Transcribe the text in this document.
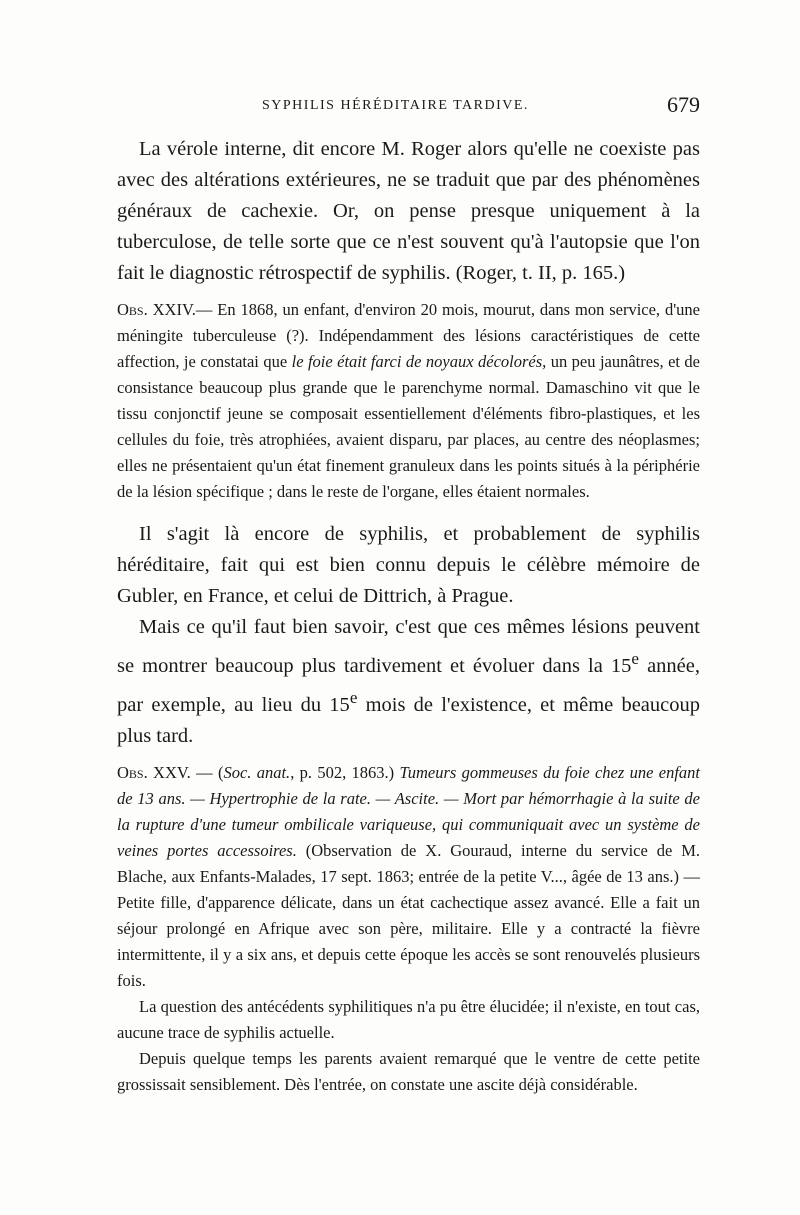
SYPHILIS HÉRÉDITAIRE TARDIVE.	679

La vérole interne, dit encore M. Roger alors qu'elle ne coexiste pas avec des altérations extérieures, ne se traduit que par des phénomènes généraux de cachexie. Or, on pense presque uniquement à la tuberculose, de telle sorte que ce n'est souvent qu'à l'autopsie que l'on fait le diagnostic rétrospectif de syphilis. (Roger, t. II, p. 165.)

Obs. XXIV.— En 1868, un enfant, d'environ 20 mois, mourut, dans mon service, d'une méningite tuberculeuse (?). Indépendamment des lésions caractéristiques de cette affection, je constatai que le foie était farci de noyaux décolorés, un peu jaunâtres, et de consistance beaucoup plus grande que le parenchyme normal. Damaschino vit que le tissu conjonctif jeune se composait essentiellement d'éléments fibro-plastiques, et les cellules du foie, très atrophiées, avaient disparu, par places, au centre des néoplasmes; elles ne présentaient qu'un état finement granuleux dans les points situés à la périphérie de la lésion spécifique ; dans le reste de l'organe, elles étaient normales.

Il s'agit là encore de syphilis, et probablement de syphilis héréditaire, fait qui est bien connu depuis le célèbre mémoire de Gubler, en France, et celui de Dittrich, à Prague.

Mais ce qu'il faut bien savoir, c'est que ces mêmes lésions peuvent se montrer beaucoup plus tardivement et évoluer dans la 15e année, par exemple, au lieu du 15e mois de l'existence, et même beaucoup plus tard.

Obs. XXV. — (Soc. anat., p. 502, 1863.) Tumeurs gommeuses du foie chez une enfant de 13 ans. — Hypertrophie de la rate. — Ascite. — Mort par hémorrhagie à la suite de la rupture d'une tumeur ombilicale variqueuse, qui communiquait avec un système de veines portes accessoires. (Observation de X. Gouraud, interne du service de M. Blache, aux Enfants-Malades, 17 sept. 1863; entrée de la petite V..., âgée de 13 ans.) — Petite fille, d'apparence délicate, dans un état cachectique assez avancé. Elle a fait un séjour prolongé en Afrique avec son père, militaire. Elle y a contracté la fièvre intermittente, il y a six ans, et depuis cette époque les accès se sont renouvelés plusieurs fois.

La question des antécédents syphilitiques n'a pu être élucidée; il n'existe, en tout cas, aucune trace de syphilis actuelle.

Depuis quelque temps les parents avaient remarqué que le ventre de cette petite grossissait sensiblement. Dès l'entrée, on constate une ascite déjà considérable.
